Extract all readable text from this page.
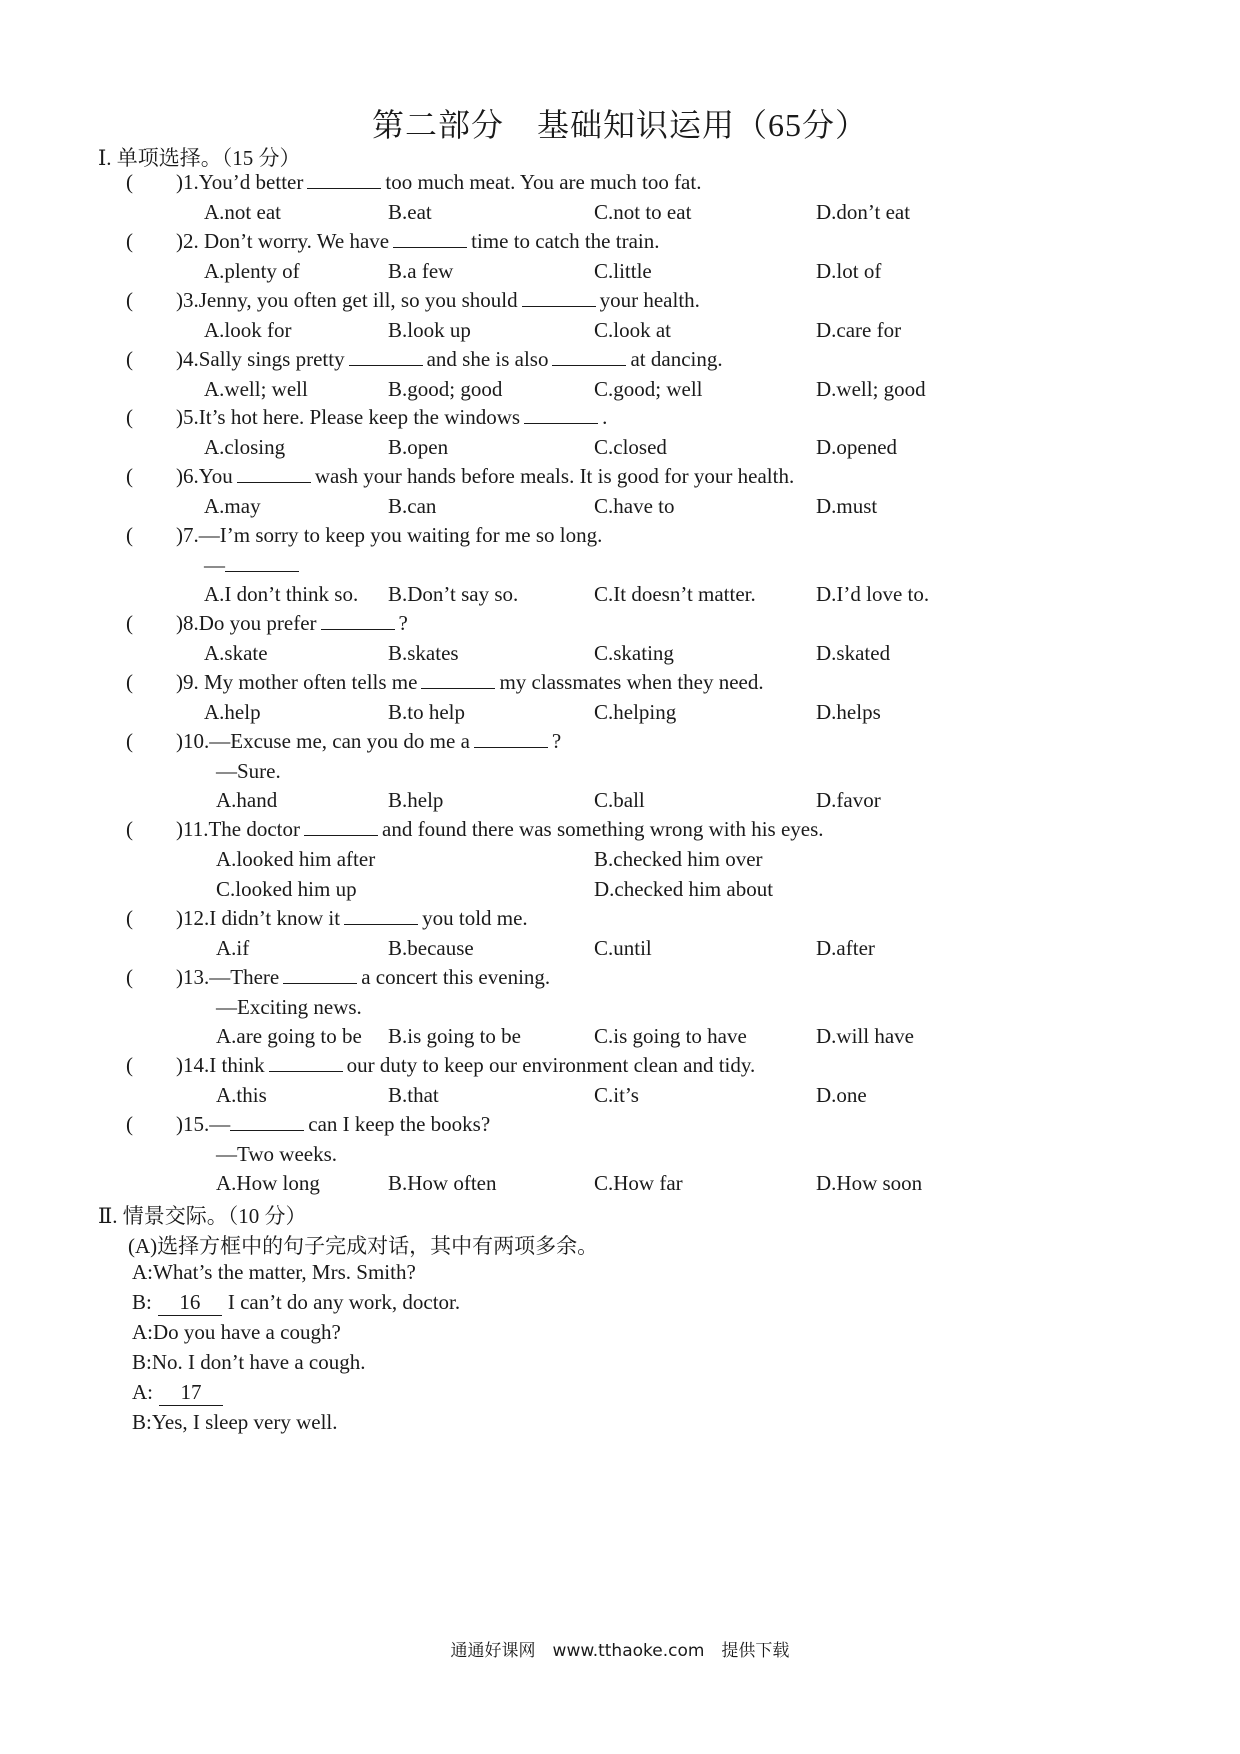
第二部分　基础知识运用（65分）
Ⅰ. 单项选择。（15 分）
( )1.You’d better	too much meat. You are much too fat.
A.not eat	B.eat	C.not to eat	D.don’t eat
( )2. Don’t worry. We have	time to catch the train.
A.plenty of	B.a few	C.little	D.lot of
( )3.Jenny, you often get ill, so you should	your health.
A.look for	B.look up	C.look at	D.care for
( )4.Sally sings pretty	and she is also	at dancing.
A.well; well	B.good; good	C.good; well	D.well; good
( )5.It’s hot here. Please keep the windows	.
A.closing	B.open	C.closed	D.opened
( )6.You	wash your hands before meals. It is good for your health.
A.may	B.can	C.have to	D.must
( )7.—I’m sorry to keep you waiting for me so long.
—
A.I don’t think so. B.Don’t say so.	C.It doesn’t matter.	D.I’d love to.
( )8.Do you prefer	?
A.skate	B.skates	C.skating	D.skated
( )9. My mother often tells me	my classmates when they need.
A.help	B.to help	C.helping	D.helps
( )10.—Excuse me, can you do me a	?
—Sure.
A.hand	B.help	C.ball	D.favor
( )11.The doctor	and found there was something wrong with his eyes.
A.looked him after	B.checked him over
C.looked him up	D.checked him about
( )12.I didn’t know it	you told me.
A.if	B.because	C.until	D.after
( )13.—There	a concert this evening.
—Exciting news.
A.are going to be B.is going to be	C.is going to have	D.will have
( )14.I think	our duty to keep our environment clean and tidy.
A.this	B.that	C.it’s	D.one
( )15.—	can I keep the books?
—Two weeks.
A.How long	B.How often	C.How far	D.How soon
Ⅱ. 情景交际。（10 分）
(A)选择方框中的句子完成对话，其中有两项多余。
A:What’s the matter, Mrs. Smith?
B: 16 I can’t do any work, doctor.
A:Do you have a cough?
B:No. I don’t have a cough.
A: 17
B:Yes, I sleep very well.
通通好课网　www.tthaoke.com　提供下载
